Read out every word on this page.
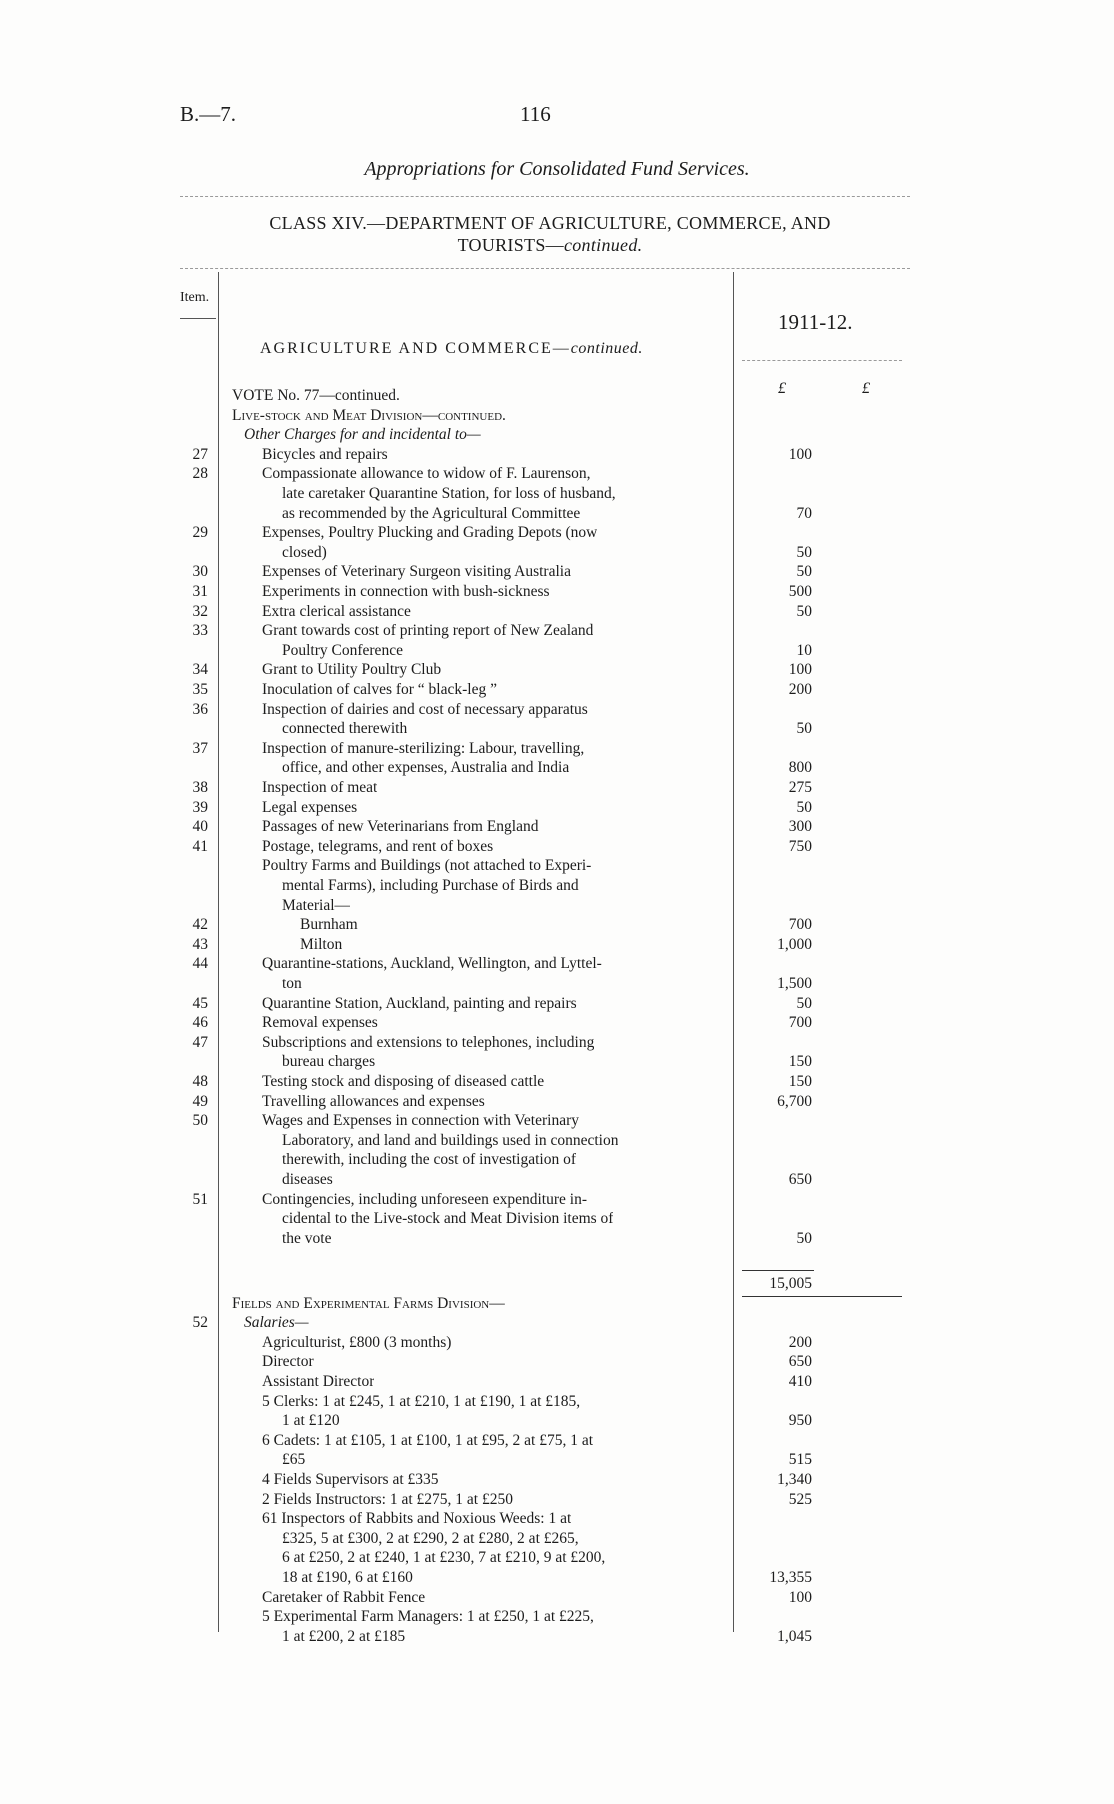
B.—7.	116
Appropriations for Consolidated Fund Services.
CLASS XIV.—DEPARTMENT OF AGRICULTURE, COMMERCE, AND
TOURISTS—continued.
Item.
1911-12.
AGRICULTURE AND COMMERCE—continued.
£	£
VOTE No. 77—continued.
Live-stock and Meat Division—continued.
Other Charges for and incidental to—
27	Bicycles and repairs	100
28	Compassionate allowance to widow of F. Laurenson,
late caretaker Quarantine Station, for loss of husband,
as recommended by the Agricultural Committee	70
29	Expenses, Poultry Plucking and Grading Depots (now
closed)	50
30	Expenses of Veterinary Surgeon visiting Australia	50
31	Experiments in connection with bush-sickness	500
32	Extra clerical assistance	50
33	Grant towards cost of printing report of New Zealand
Poultry Conference	10
34	Grant to Utility Poultry Club	100
35	Inoculation of calves for “ black-leg ”	200
36	Inspection of dairies and cost of necessary apparatus
connected therewith	50
37	Inspection of manure-sterilizing: Labour, travelling,
office, and other expenses, Australia and India	800
38	Inspection of meat	275
39	Legal expenses	50
40	Passages of new Veterinarians from England	300
41	Postage, telegrams, and rent of boxes	750
Poultry Farms and Buildings (not attached to Experi-
mental Farms), including Purchase of Birds and
Material—
42	Burnham	700
43	Milton	1,000
44	Quarantine-stations, Auckland, Wellington, and Lyttel-
ton	1,500
45	Quarantine Station, Auckland, painting and repairs	50
46	Removal expenses	700
47	Subscriptions and extensions to telephones, including
bureau charges	150
48	Testing stock and disposing of diseased cattle	150
49	Travelling allowances and expenses	6,700
50	Wages and Expenses in connection with Veterinary
Laboratory, and land and buildings used in connection
therewith, including the cost of investigation of
diseases	650
51	Contingencies, including unforeseen expenditure in-
cidental to the Live-stock and Meat Division items of
the vote	50
15,005
Fields and Experimental Farms Division—
52 Salaries—
Agriculturist, £800 (3 months)	200
Director	650
Assistant Director	410
5 Clerks: 1 at £245, 1 at £210, 1 at £190, 1 at £185,
1 at £120	950
6 Cadets: 1 at £105, 1 at £100, 1 at £95, 2 at £75, 1 at
£65	515
4 Fields Supervisors at £335	1,340
2 Fields Instructors: 1 at £275, 1 at £250	525
61 Inspectors of Rabbits and Noxious Weeds: 1 at
£325, 5 at £300, 2 at £290, 2 at £280, 2 at £265,
6 at £250, 2 at £240, 1 at £230, 7 at £210, 9 at £200,
18 at £190, 6 at £160	13,355
Caretaker of Rabbit Fence	100
5 Experimental Farm Managers: 1 at £250, 1 at £225,
1 at £200, 2 at £185	1,045
